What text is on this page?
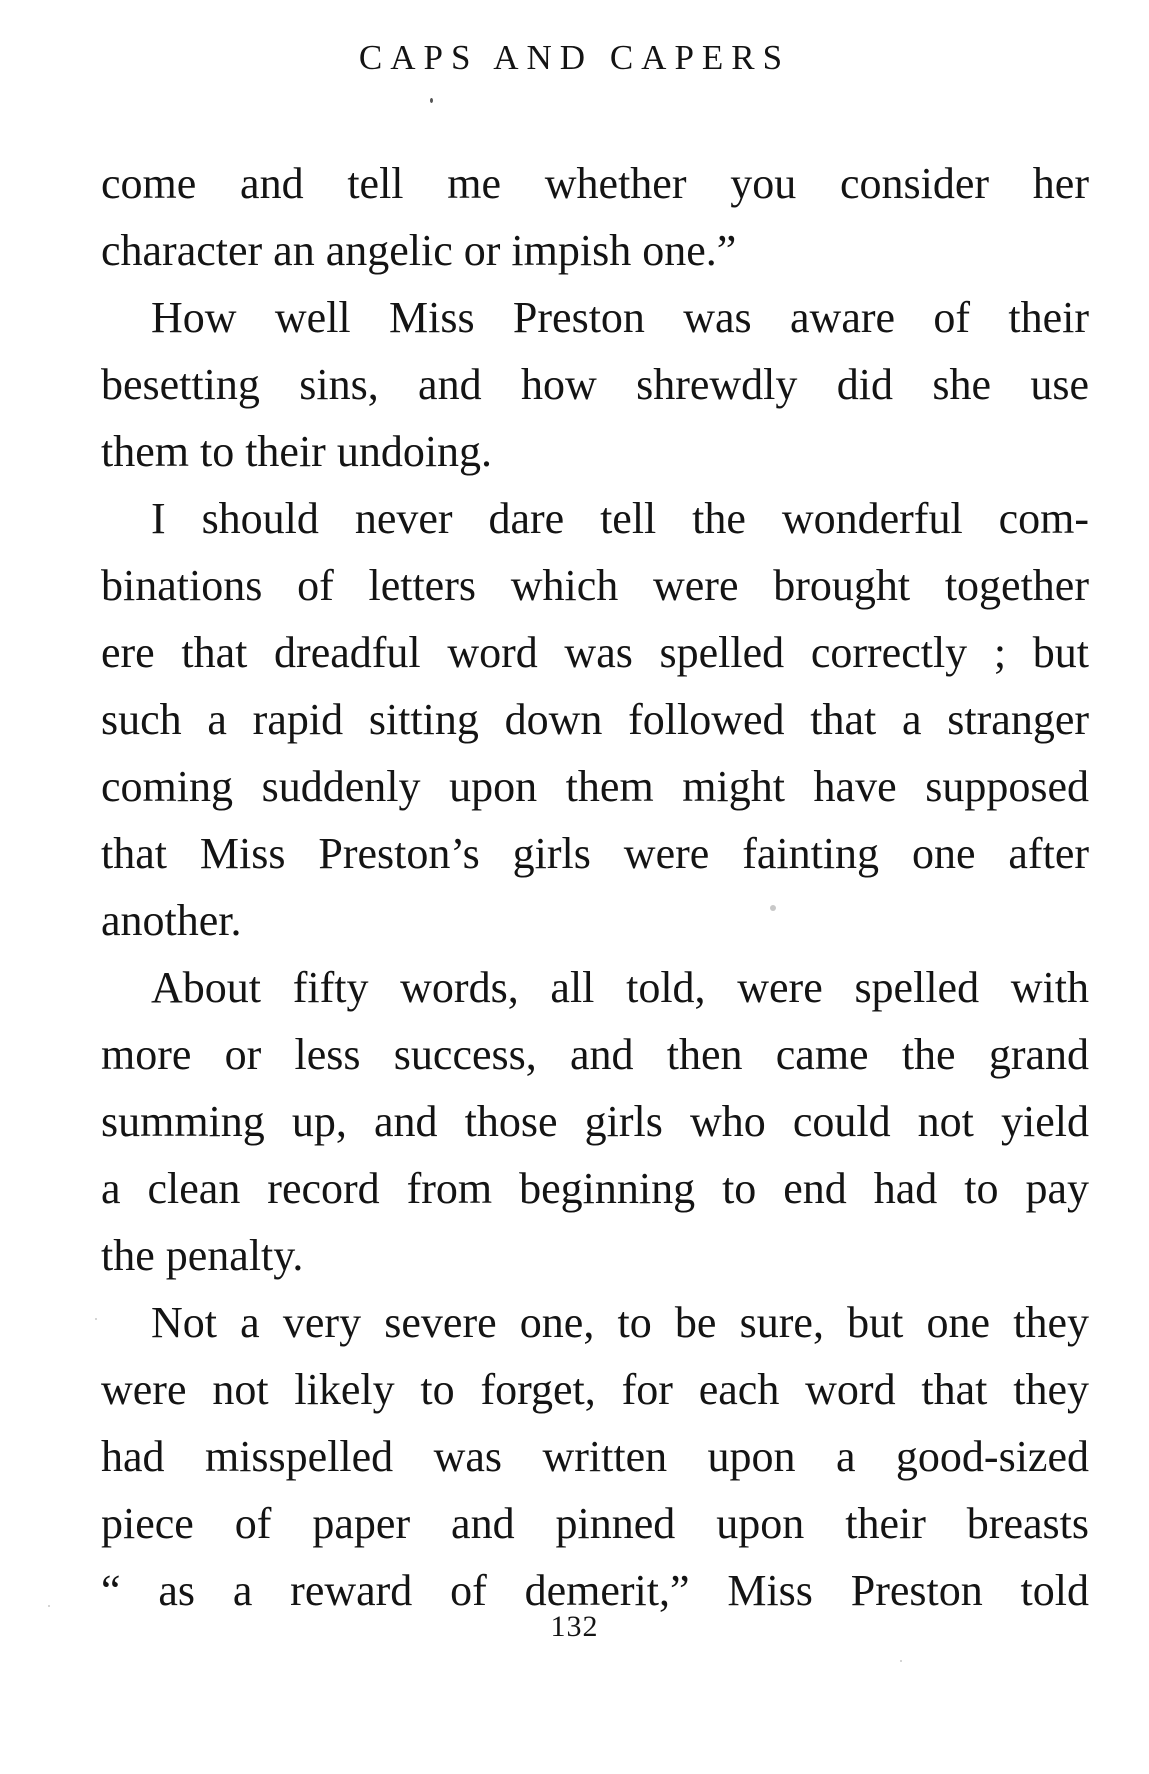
CAPS AND CAPERS
come and tell me whether you consider her
character an angelic or impish one.”
How well Miss Preston was aware of their
besetting sins, and how shrewdly did she use
them to their undoing.
I should never dare tell the wonderful com-
binations of letters which were brought together
ere that dreadful word was spelled correctly ; but
such a rapid sitting down followed that a stranger
coming suddenly upon them might have supposed
that Miss Preston’s girls were fainting one after
another.
About fifty words, all told, were spelled with
more or less success, and then came the grand
summing up, and those girls who could not yield
a clean record from beginning to end had to pay
the penalty.
Not a very severe one, to be sure, but one they
were not likely to forget, for each word that they
had misspelled was written upon a good-sized
piece of paper and pinned upon their breasts
“ as a reward of demerit,” Miss Preston told
132
